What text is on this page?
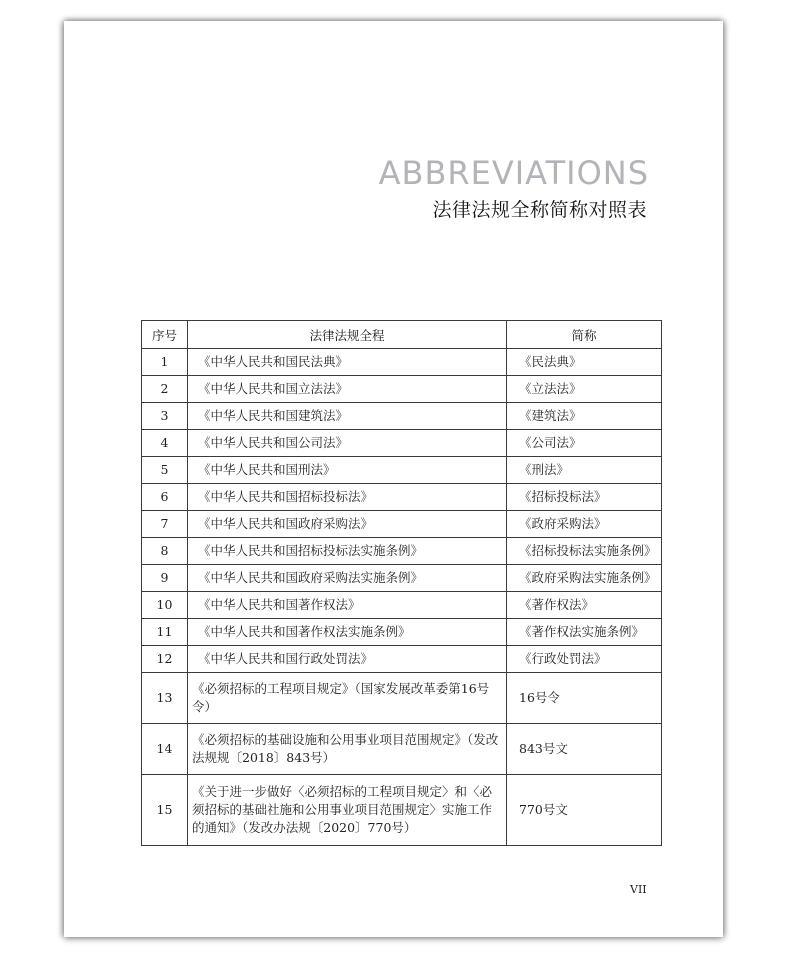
ABBREVIATIONS
法律法规全称简称对照表
序号	法律法规全程	简称
1	《中华人民共和国民法典》	《民法典》
2	《中华人民共和国立法法》	《立法法》
3	《中华人民共和国建筑法》	《建筑法》
4	《中华人民共和国公司法》	《公司法》
5	《中华人民共和国刑法》	《刑法》
6	《中华人民共和国招标投标法》	《招标投标法》
7	《中华人民共和国政府采购法》	《政府采购法》
8	《中华人民共和国招标投标法实施条例》	《招标投标法实施条例》
9	《中华人民共和国政府采购法实施条例》	《政府采购法实施条例》
10	《中华人民共和国著作权法》	《著作权法》
11	《中华人民共和国著作权法实施条例》	《著作权法实施条例》
12	《中华人民共和国行政处罚法》	《行政处罚法》
13	《必须招标的工程项目规定》（国家发展改革委第16号令）	16号令
14	《必须招标的基础设施和公用事业项目范围规定》（发改法规规〔2018〕843号）	843号文
15	《关于进一步做好〈必须招标的工程项目规定〉和〈必须招标的基础社施和公用事业项目范围规定〉实施工作的通知》（发改办法规〔2020〕770号）	770号文
VII
